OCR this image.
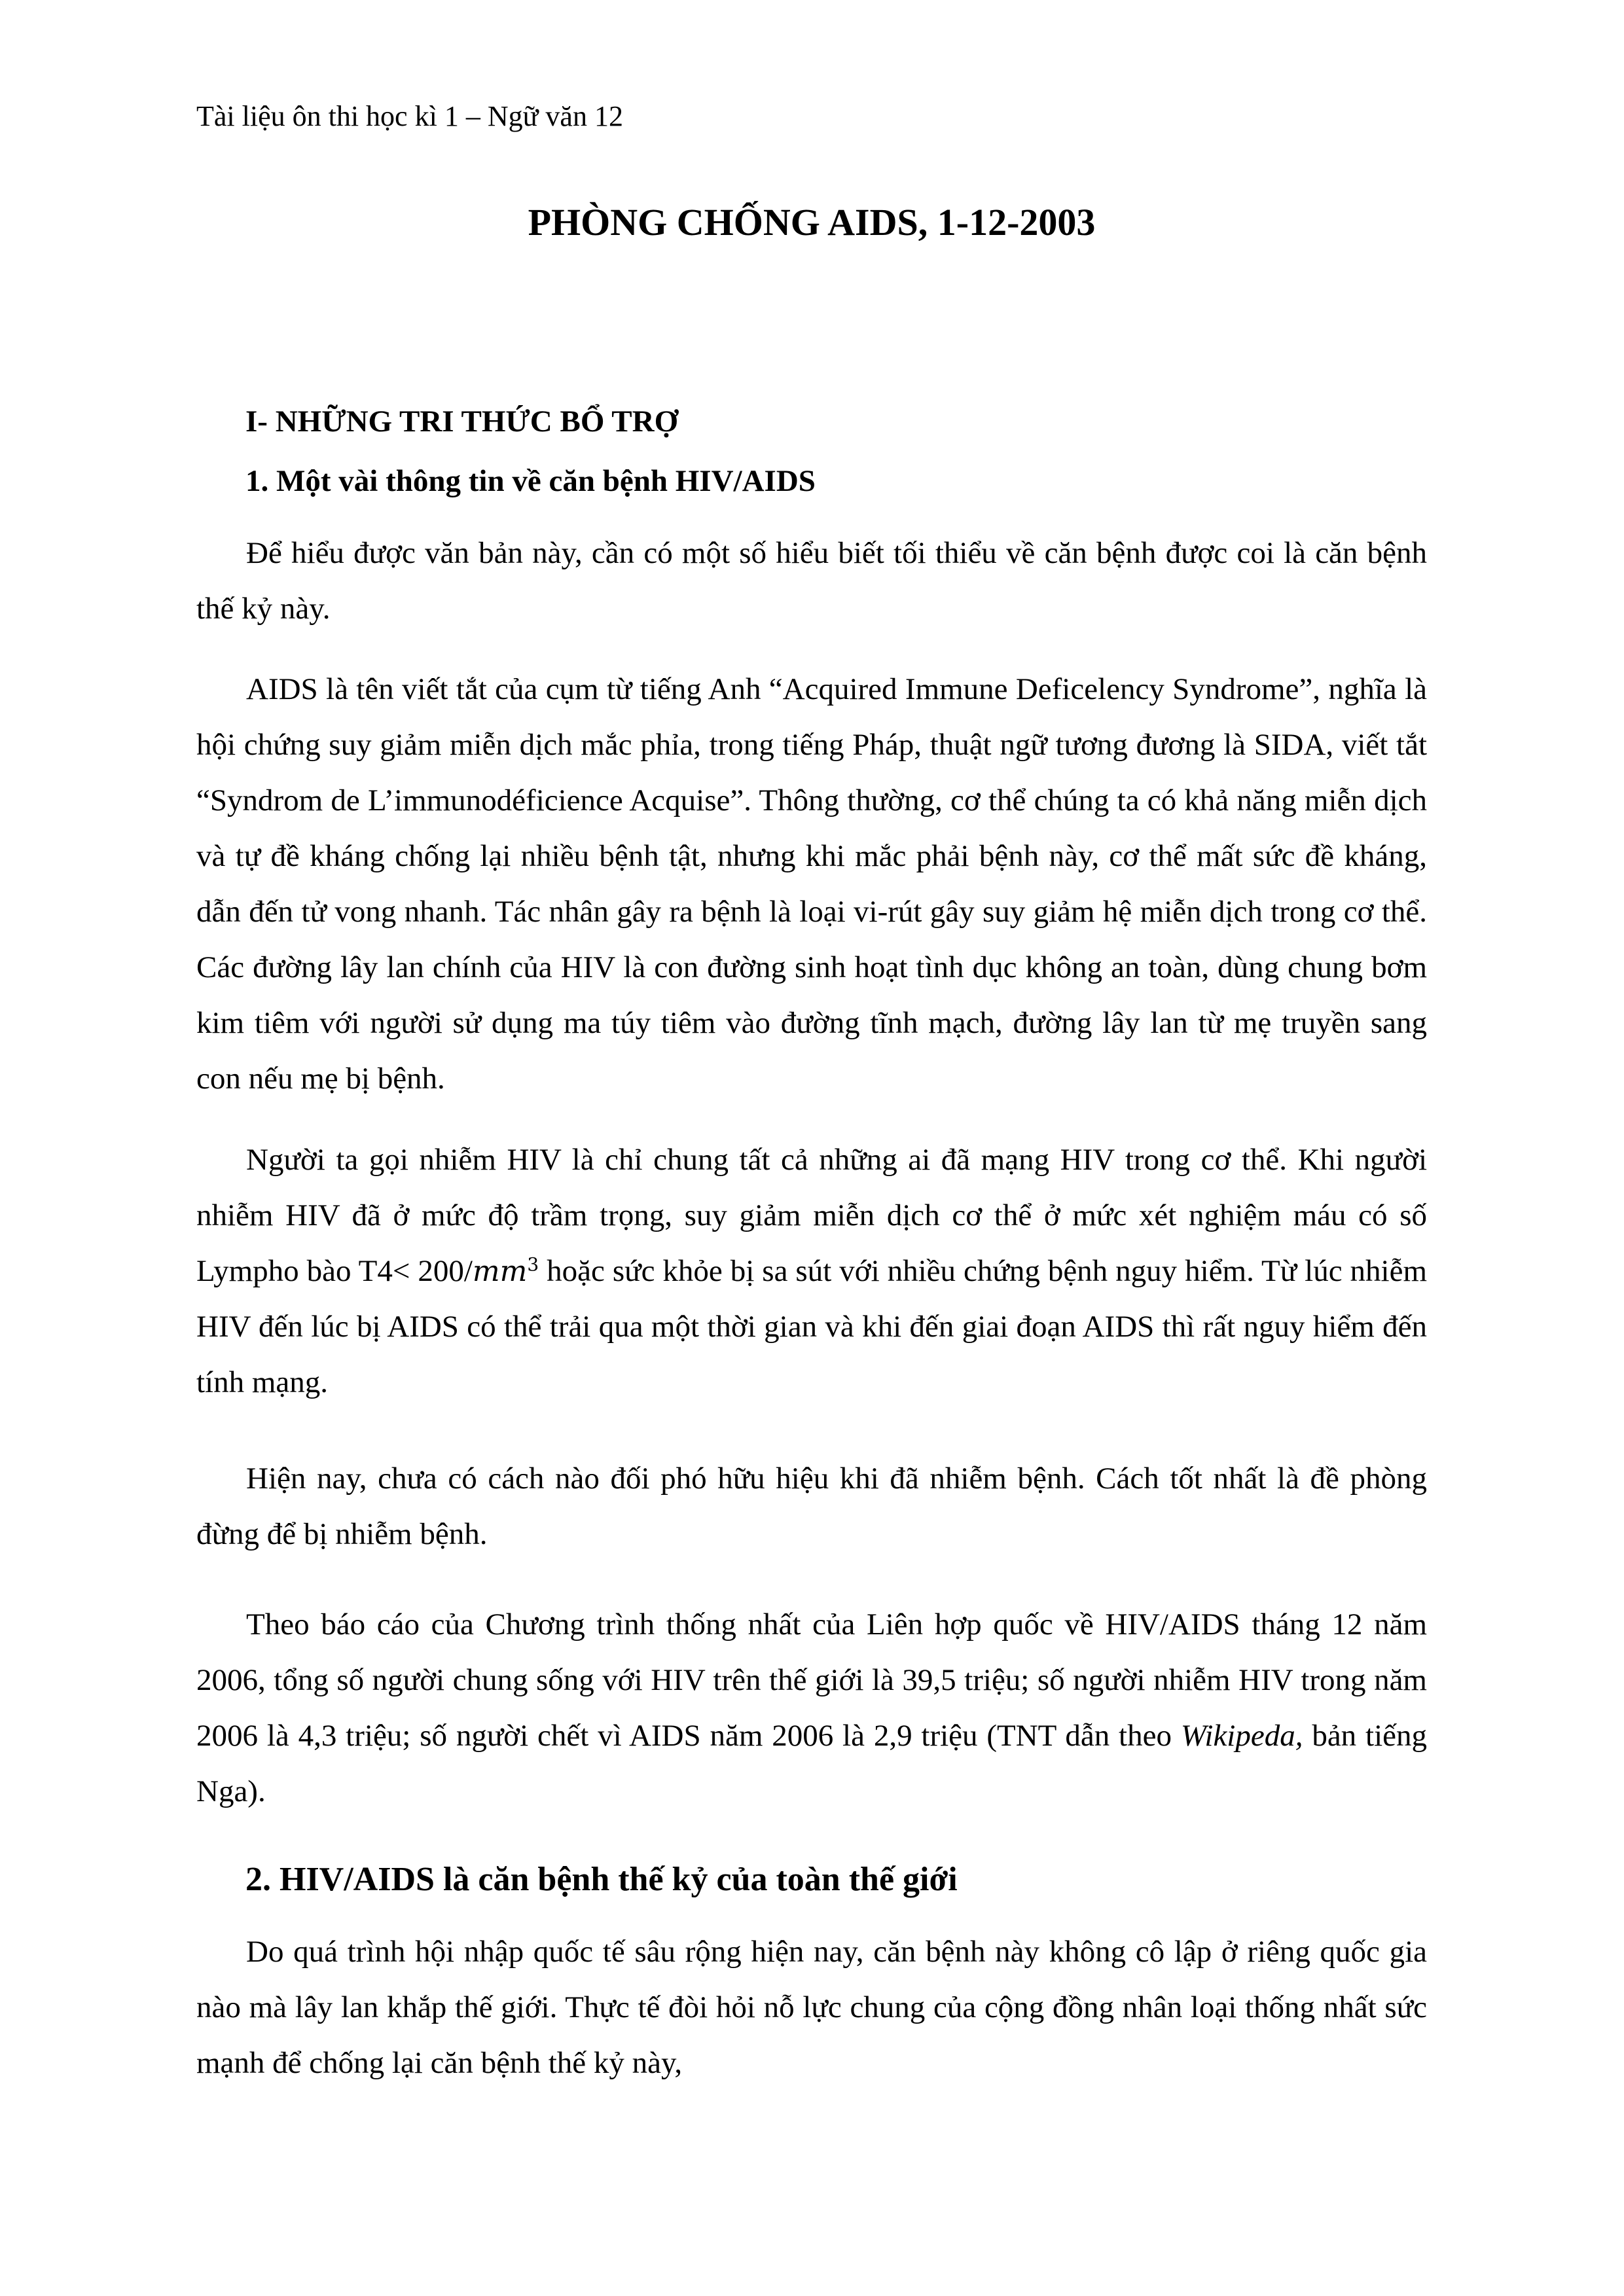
Tài liệu ôn thi học kì 1 – Ngữ văn 12
PHÒNG CHỐNG AIDS, 1-12-2003
I- NHỮNG TRI THỨC BỔ TRỢ
1. Một vài thông tin về căn bệnh HIV/AIDS

Để hiểu được văn bản này, cần có một số hiểu biết tối thiểu về căn bệnh được coi là căn bệnh thế kỷ này.

AIDS là tên viết tắt của cụm từ tiếng Anh “Acquired Immune Deficelency Syndrome”, nghĩa là hội chứng suy giảm miễn dịch mắc phỉa, trong tiếng Pháp, thuật ngữ tương đương là SIDA, viết tắt “Syndrom de L’immunodéficience Acquise”. Thông thường, cơ thể chúng ta có khả năng miễn dịch và tự đề kháng chống lại nhiều bệnh tật, nhưng khi mắc phải bệnh này, cơ thể mất sức đề kháng, dẫn đến tử vong nhanh. Tác nhân gây ra bệnh là loại vi-rút gây suy giảm hệ miễn dịch trong cơ thể. Các đường lây lan chính của HIV là con đường sinh hoạt tình dục không an toàn, dùng chung bơm kim tiêm với người sử dụng ma túy tiêm vào đường tĩnh mạch, đường lây lan từ mẹ truyền sang con nếu mẹ bị bệnh.

Người ta gọi nhiễm HIV là chỉ chung tất cả những ai đã mạng HIV trong cơ thể. Khi người nhiễm HIV đã ở mức độ trầm trọng, suy giảm miễn dịch cơ thể ở mức xét nghiệm máu có số Lympho bào $T4< 200/mm^3$ hoặc sức khỏe bị sa sút với nhiều chứng bệnh nguy hiểm. Từ lúc nhiễm HIV đến lúc bị AIDS có thể trải qua một thời gian và khi đến giai đoạn AIDS thì rất nguy hiểm đến tính mạng.

Hiện nay, chưa có cách nào đối phó hữu hiệu khi đã nhiễm bệnh. Cách tốt nhất là đề phòng đừng để bị nhiễm bệnh.

Theo báo cáo của Chương trình thống nhất của Liên hợp quốc về HIV/AIDS tháng 12 năm 2006, tổng số người chung sống với HIV trên thế giới là 39,5 triệu; số người nhiễm HIV trong năm 2006 là 4,3 triệu; số người chết vì AIDS năm 2006 là 2,9 triệu (TNT dẫn theo Wikipeda, bản tiếng Nga).

2. HIV/AIDS là căn bệnh thế kỷ của toàn thế giới

Do quá trình hội nhập quốc tế sâu rộng hiện nay, căn bệnh này không cô lập ở riêng quốc gia nào mà lây lan khắp thế giới. Thực tế đòi hỏi nỗ lực chung của cộng đồng nhân loại thống nhất sức mạnh để chống lại căn bệnh thế kỷ này,
